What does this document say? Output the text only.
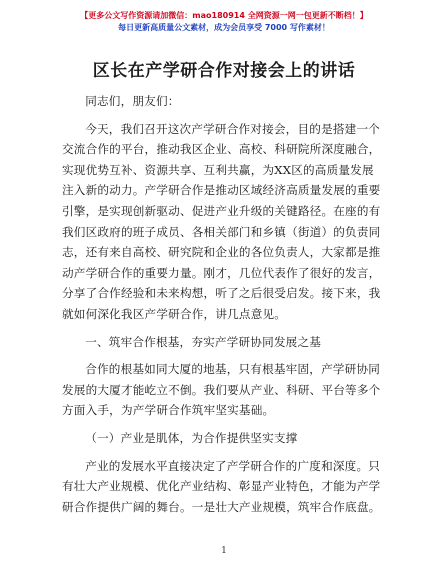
【更多公文写作资源请加微信：mao180914 全网资源一网一包更新不断档！】
每日更新高质量公文素材，成为会员享受 7000 写作素材！
区长在产学研合作对接会上的讲话

同志们，朋友们：

今天，我们召开这次产学研合作对接会，目的是搭建一个交流合作的平台，推动我区企业、高校、科研院所深度融合，实现优势互补、资源共享、互利共赢，为XX区的高质量发展注入新的动力。产学研合作是推动区域经济高质量发展的重要引擎，是实现创新驱动、促进产业升级的关键路径。在座的有我们区政府的班子成员、各相关部门和乡镇（街道）的负责同志，还有来自高校、研究院和企业的各位负责人，大家都是推动产学研合作的重要力量。刚才，几位代表作了很好的发言，分享了合作经验和未来构想，听了之后很受启发。接下来，我就如何深化我区产学研合作，讲几点意见。

一、筑牢合作根基，夯实产学研协同发展之基

合作的根基如同大厦的地基，只有根基牢固，产学研协同发展的大厦才能屹立不倒。我们要从产业、科研、平台等多个方面入手，为产学研合作筑牢坚实基础。

（一）产业是肌体，为合作提供坚实支撑

产业的发展水平直接决定了产学研合作的广度和深度。只有壮大产业规模、优化产业结构、彰显产业特色，才能为产学研合作提供广阔的舞台。一是壮大产业规模，筑牢合作底盘。

1
